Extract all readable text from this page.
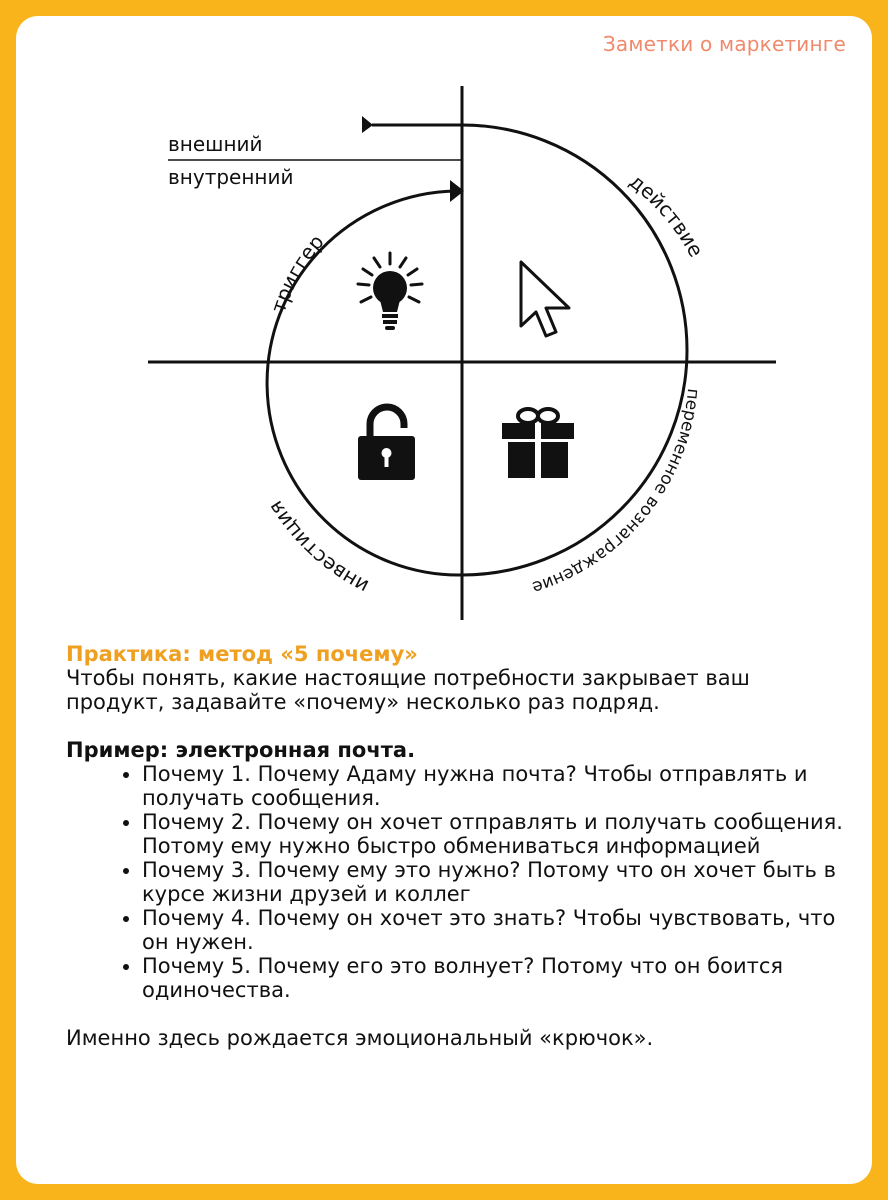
Заметки о маркетинге
внешний
внутренний
триггер
действие
переменное вознаграждение
инвестиция
Практика: метод «5 почему»
Чтобы понять, какие настоящие потребности закрывает ваш продукт, задавайте «почему» несколько раз подряд.
Пример: электронная почта.
• Почему 1. Почему Адаму нужна почта? Чтобы отправлять и получать сообщения.
• Почему 2. Почему он хочет отправлять и получать сообщения. Потому ему нужно быстро обмениваться информацией
• Почему 3. Почему ему это нужно? Потому что он хочет быть в курсе жизни друзей и коллег
• Почему 4. Почему он хочет это знать? Чтобы чувствовать, что он нужен.
• Почему 5. Почему его это волнует? Потому что он боится одиночества.
Именно здесь рождается эмоциональный «крючок».
